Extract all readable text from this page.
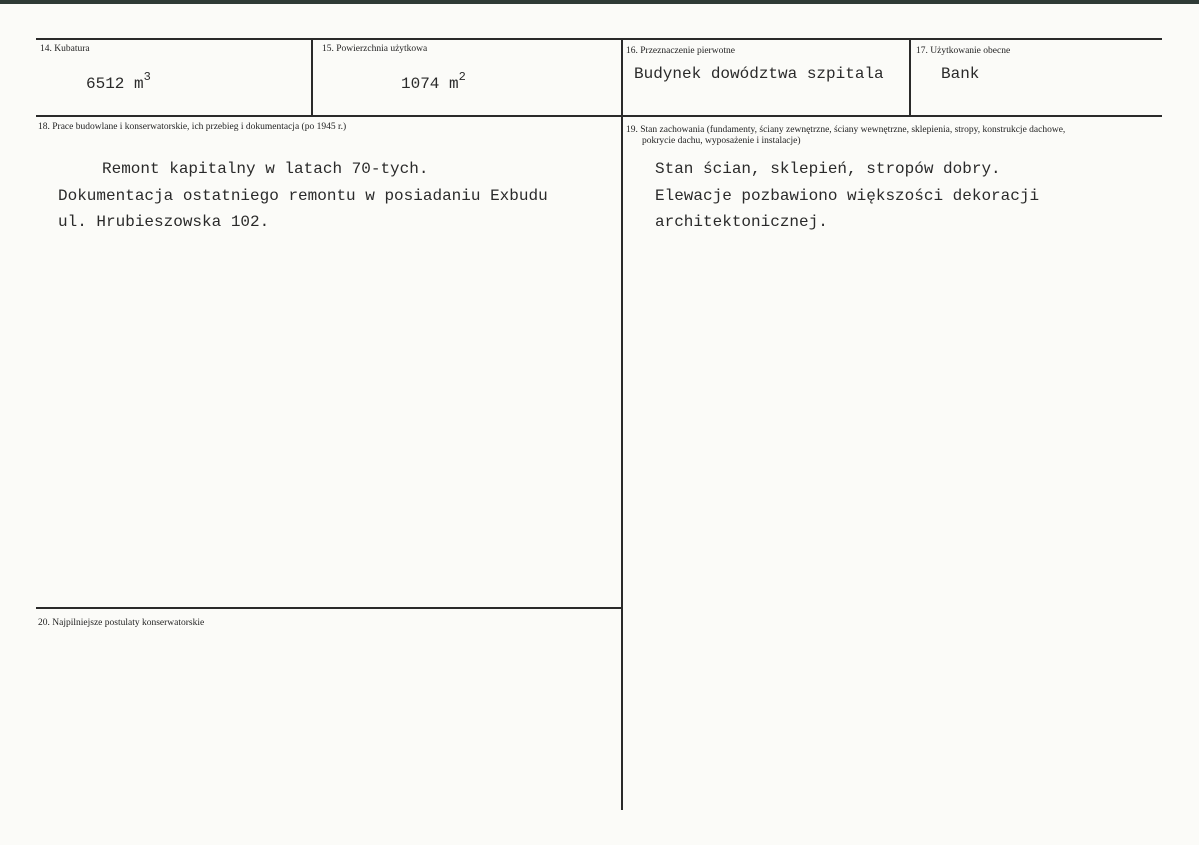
14. Kubatura
6512 $m^3$
15. Powierzchnia użytkowa
1074 $m^2$
16. Przeznaczenie pierwotne
Budynek dowództwa szpitala
17. Użytkowanie obecne
Bank
18. Prace budowlane i konserwatorskie, ich przebieg i dokumentacja (po 1945 r.)
Remont kapitalny w latach 70-tych.
Dokumentacja ostatniego remontu w posiadaniu Exbudu
ul. Hrubieszowska 102.
19. Stan zachowania (fundamenty, ściany zewnętrzne, ściany wewnętrzne, sklepienia, stropy, konstrukcje dachowe,
pokrycie dachu, wyposażenie i instalacje)
Stan ścian, sklepień, stropów dobry.
Elewacje pozbawiono większości dekoracji
architektonicznej.
20. Najpilniejsze postulaty konserwatorskie
